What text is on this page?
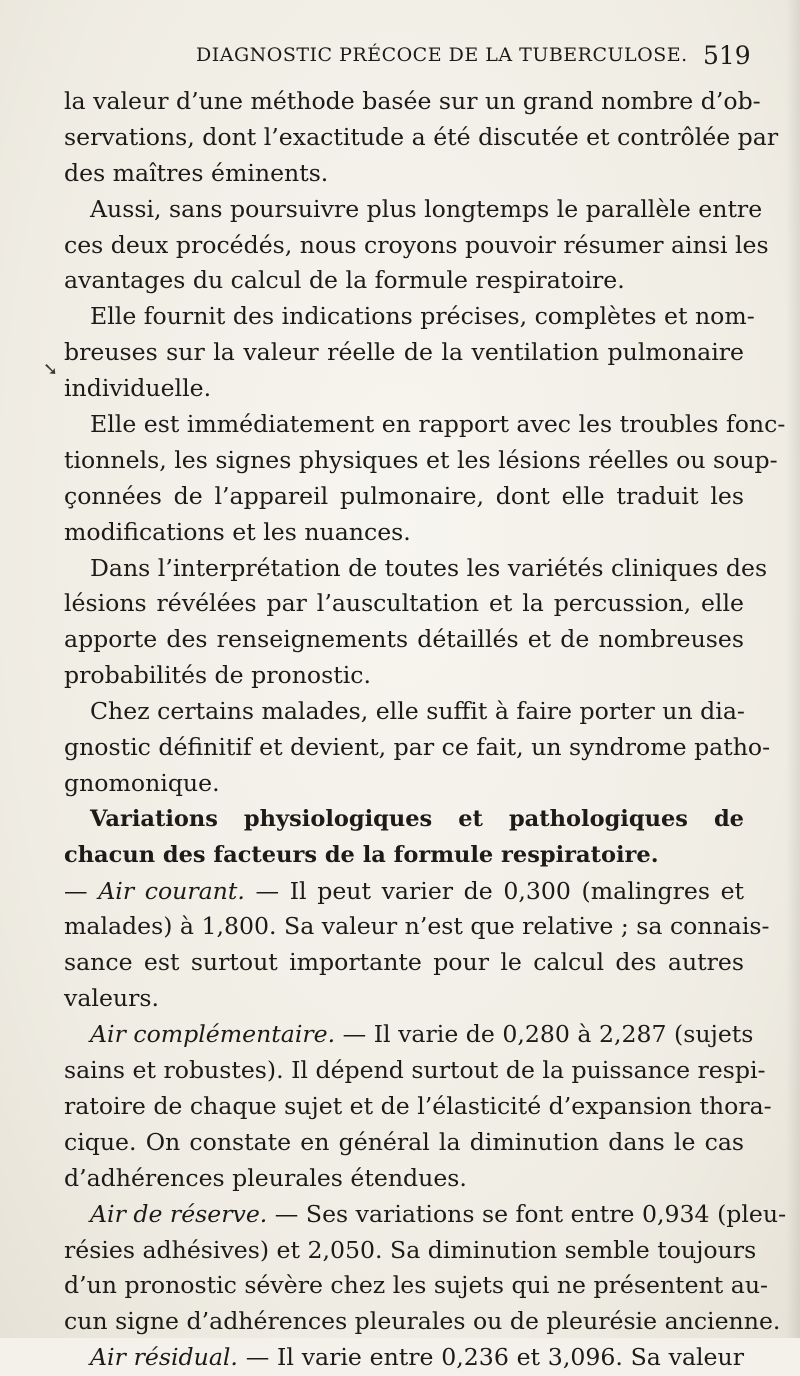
DIAGNOSTIC PRÉCOCE DE LA TUBERCULOSE. 519
➘
la valeur d’une méthode basée sur un grand nombre d’ob-
servations, dont l’exactitude a été discutée et contrôlée par
des maîtres éminents.
Aussi, sans poursuivre plus longtemps le parallèle entre
ces deux procédés, nous croyons pouvoir résumer ainsi les
avantages du calcul de la formule respiratoire.
Elle fournit des indications précises, complètes et nom-
breuses sur la valeur réelle de la ventilation pulmonaire
individuelle.
Elle est immédiatement en rapport avec les troubles fonc-
tionnels, les signes physiques et les lésions réelles ou soup-
çonnées de l’appareil pulmonaire, dont elle traduit les
modifications et les nuances.
Dans l’interprétation de toutes les variétés cliniques des
lésions révélées par l’auscultation et la percussion, elle
apporte des renseignements détaillés et de nombreuses
probabilités de pronostic.
Chez certains malades, elle suffit à faire porter un dia-
gnostic définitif et devient, par ce fait, un syndrome patho-
gnomonique.
Variations physiologiques et pathologiques de
chacun des facteurs de la formule respiratoire.
— Air courant. — Il peut varier de 0,300 (malingres et
malades) à 1,800. Sa valeur n’est que relative ; sa connais-
sance est surtout importante pour le calcul des autres
valeurs.
Air complémentaire. — Il varie de 0,280 à 2,287 (sujets
sains et robustes). Il dépend surtout de la puissance respi-
ratoire de chaque sujet et de l’élasticité d’expansion thora-
cique. On constate en général la diminution dans le cas
d’adhérences pleurales étendues.
Air de réserve. — Ses variations se font entre 0,934 (pleu-
résies adhésives) et 2,050. Sa diminution semble toujours
d’un pronostic sévère chez les sujets qui ne présentent au-
cun signe d’adhérences pleurales ou de pleurésie ancienne.
Air résidual. — Il varie entre 0,236 et 3,096. Sa valeur
